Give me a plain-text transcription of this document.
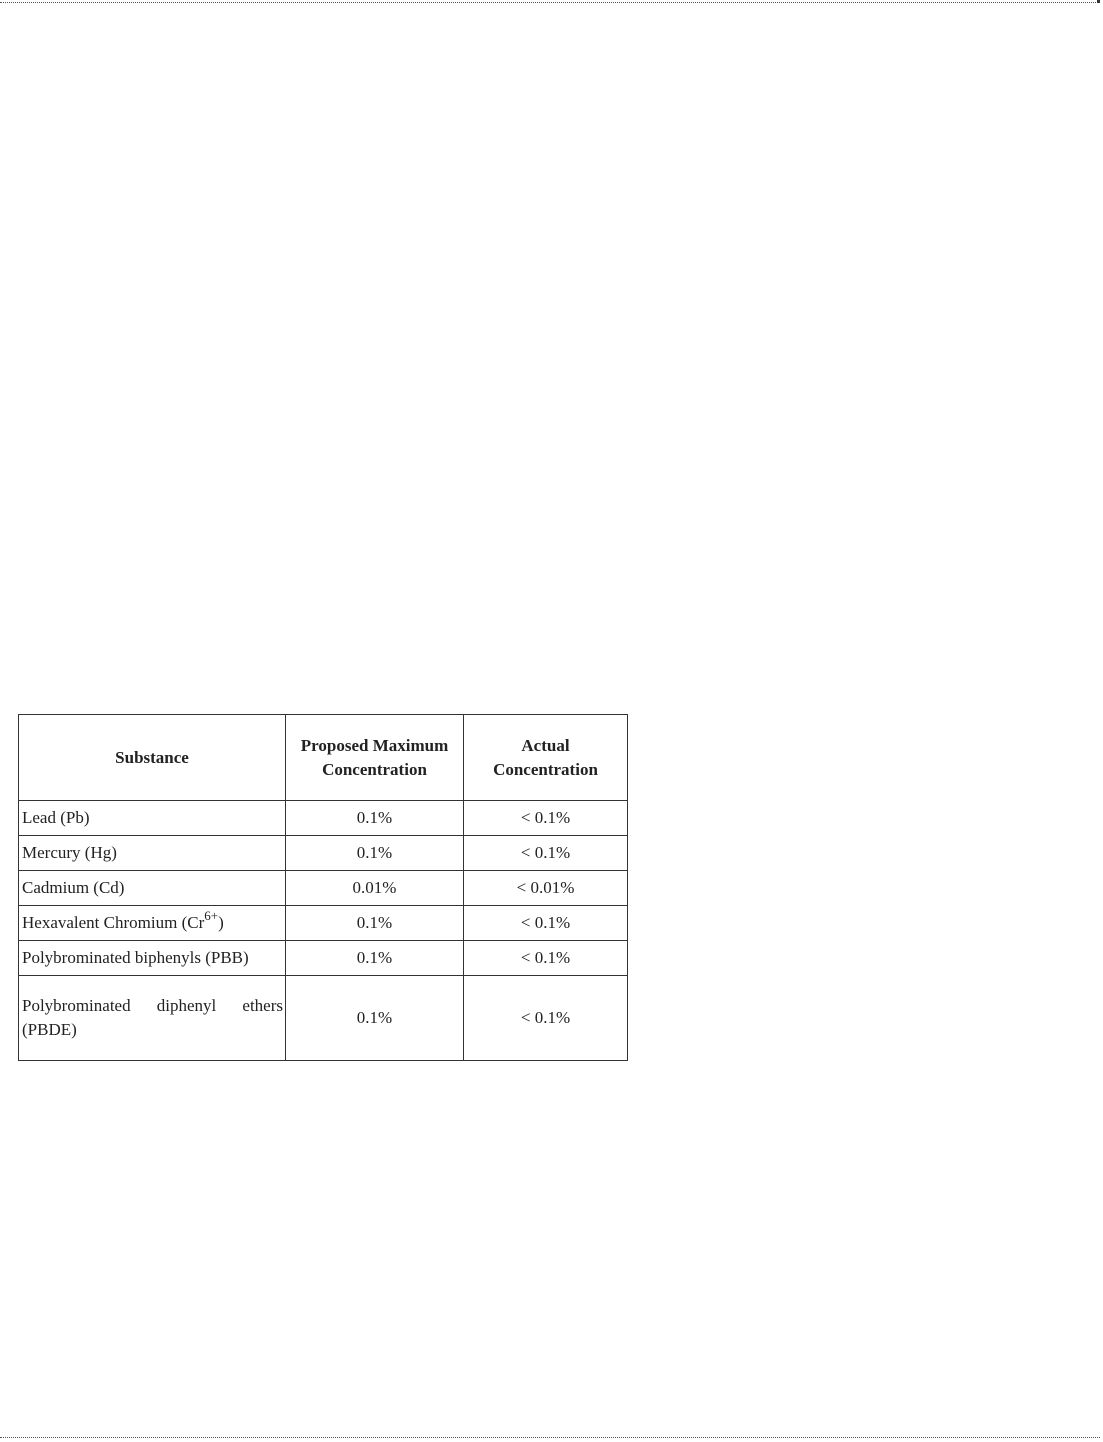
Substance	Proposed Maximum Concentration	Actual Concentration
Lead (Pb)	0.1%	< 0.1%
Mercury (Hg)	0.1%	< 0.1%
Cadmium (Cd)	0.01%	< 0.01%
Hexavalent Chromium $(Cr^{6+})$	0.1%	< 0.1%
Polybrominated biphenyls (PBB)	0.1%	< 0.1%
Polybrominated diphenyl ethers (PBDE)	0.1%	< 0.1%
